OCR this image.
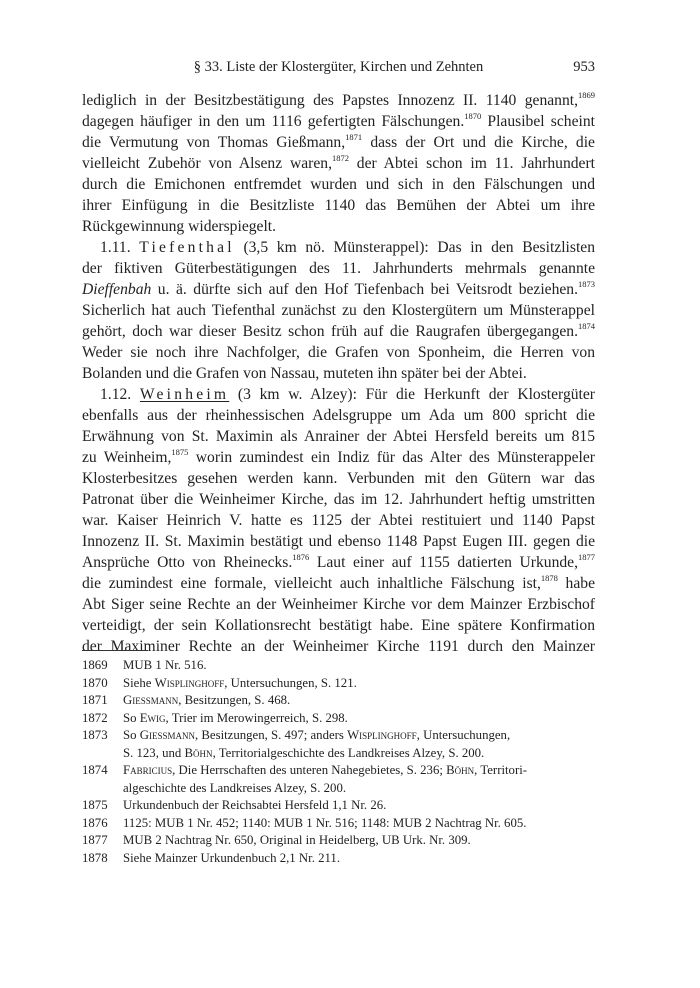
§ 33. Liste der Klostergüter, Kirchen und Zehnten	953
lediglich in der Besitzbestätigung des Papstes Innozenz II. 1140 genannt,$^{1869}$
dagegen häufiger in den um 1116 gefertigten Fälschungen.$^{1870}$ Plausibel scheint
die Vermutung von Thomas Gießmann,$^{1871}$ dass der Ort und die Kirche, die
vielleicht Zubehör von Alsenz waren,$^{1872}$ der Abtei schon im 11. Jahrhundert
durch die Emichonen entfremdet wurden und sich in den Fälschungen und
ihrer Einfügung in die Besitzliste 1140 das Bemühen der Abtei um ihre
Rückgewinnung widerspiegelt.
1.11. Tiefenthal (3,5 km nö. Münsterappel): Das in den Besitzlisten
der fiktiven Güterbestätigungen des 11. Jahrhunderts mehrmals genannte
Dieffenbah u. ä. dürfte sich auf den Hof Tiefenbach bei Veitsrodt beziehen.$^{1873}$
Sicherlich hat auch Tiefenthal zunächst zu den Klostergütern um Münsterappel
gehört, doch war dieser Besitz schon früh auf die Raugrafen übergegangen.$^{1874}$
Weder sie noch ihre Nachfolger, die Grafen von Sponheim, die Herren von
Bolanden und die Grafen von Nassau, muteten ihn später bei der Abtei.
1.12. Weinheim (3 km w. Alzey): Für die Herkunft der Klostergüter
ebenfalls aus der rheinhessischen Adelsgruppe um Ada um 800 spricht die
Erwähnung von St. Maximin als Anrainer der Abtei Hersfeld bereits um 815
zu Weinheim,$^{1875}$ worin zumindest ein Indiz für das Alter des Münsterappeler
Klosterbesitzes gesehen werden kann. Verbunden mit den Gütern war das
Patronat über die Weinheimer Kirche, das im 12. Jahrhundert heftig umstritten
war. Kaiser Heinrich V. hatte es 1125 der Abtei restituiert und 1140 Papst
Innozenz II. St. Maximin bestätigt und ebenso 1148 Papst Eugen III. gegen die
Ansprüche Otto von Rheinecks.$^{1876}$ Laut einer auf 1155 datierten Urkunde,$^{1877}$
die zumindest eine formale, vielleicht auch inhaltliche Fälschung ist,$^{1878}$ habe
Abt Siger seine Rechte an der Weinheimer Kirche vor dem Mainzer Erzbischof
verteidigt, der sein Kollationsrecht bestätigt habe. Eine spätere Konfirmation
der Maximiner Rechte an der Weinheimer Kirche 1191 durch den Mainzer
1869 MUB 1 Nr. 516.
1870 Siehe Wisplinghoff, Untersuchungen, S. 121.
1871 Giessmann, Besitzungen, S. 468.
1872 So Ewig, Trier im Merowingerreich, S. 298.
1873 So Giessmann, Besitzungen, S. 497; anders Wisplinghoff, Untersuchungen,
S. 123, und Böhn, Territorialgeschichte des Landkreises Alzey, S. 200.
1874 Fabricius, Die Herrschaften des unteren Nahegebietes, S. 236; Böhn, Territori-
algeschichte des Landkreises Alzey, S. 200.
1875 Urkundenbuch der Reichsabtei Hersfeld 1,1 Nr. 26.
1876 1125: MUB 1 Nr. 452; 1140: MUB 1 Nr. 516; 1148: MUB 2 Nachtrag Nr. 605.
1877 MUB 2 Nachtrag Nr. 650, Original in Heidelberg, UB Urk. Nr. 309.
1878 Siehe Mainzer Urkundenbuch 2,1 Nr. 211.
